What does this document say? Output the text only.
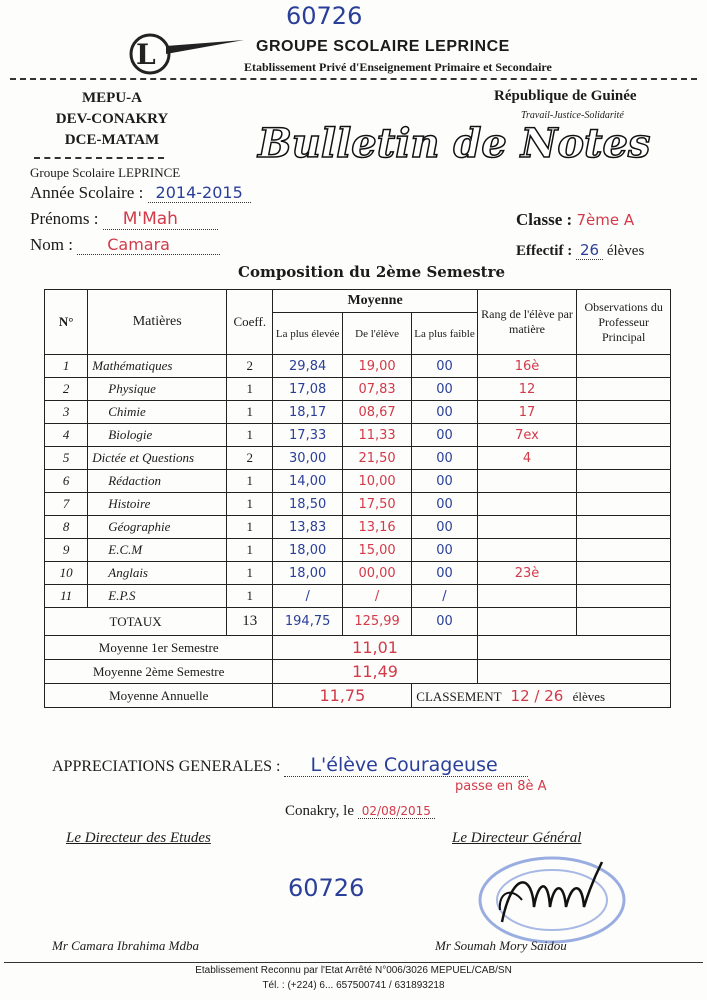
60726
L	GROUPE SCOLAIRE LEPRINCE
Etablissement Privé d'Enseignement Primaire et Secondaire
MEPU-A
DEV-CONAKRY
DCE-MATAM
République de Guinée
Travail-Justice-Solidarité
Bulletin de Notes
Groupe Scolaire LEPRINCE
Année Scolaire : 2014-2015
Prénoms : M'Mah
Nom : Camara
Classe : 7ème A
Effectif : 26 élèves
Composition du 2ème Semestre
N°	Matières	Coeff.	Moyenne			Rang de l'élève par matière	Observations du Professeur Principal
			La plus élevée	De l'élève	La plus faible		
1	Mathématiques	2	29,84	19,00	00	16è	
2	Physique	1	17,08	07,83	00	12	
3	Chimie	1	18,17	08,67	00	17	
4	Biologie	1	17,33	11,33	00	7ex	
5	Dictée et Questions	2	30,00	21,50	00	4	
6	Rédaction	1	14,00	10,00	00		
7	Histoire	1	18,50	17,50	00		
8	Géographie	1	13,83	13,16	00		
9	E.C.M	1	18,00	15,00	00		
10	Anglais	1	18,00	00,00	00	23è	
11	E.P.S	1	/	/	/		
TOTAUX		13	194,75	125,99	00		
Moyenne 1er Semestre			11,01				
Moyenne 2ème Semestre			11,49				
Moyenne Annuelle			11,75		CLASSEMENT 12 / 26 élèves		
APPRECIATIONS GENERALES : L'élève Courageuse
passe en 8è A
Conakry, le 02/08/2015
Le Directeur des Etudes	Le Directeur Général
60726
Mr Camara Ibrahima Mdba	Mr Soumah Mory Saidou
Etablissement Reconnu par l'Etat Arrêté N°006/3026 MEPUEL/CAB/SN
Tél. : (+224) 6... 657500741 / 631893218
